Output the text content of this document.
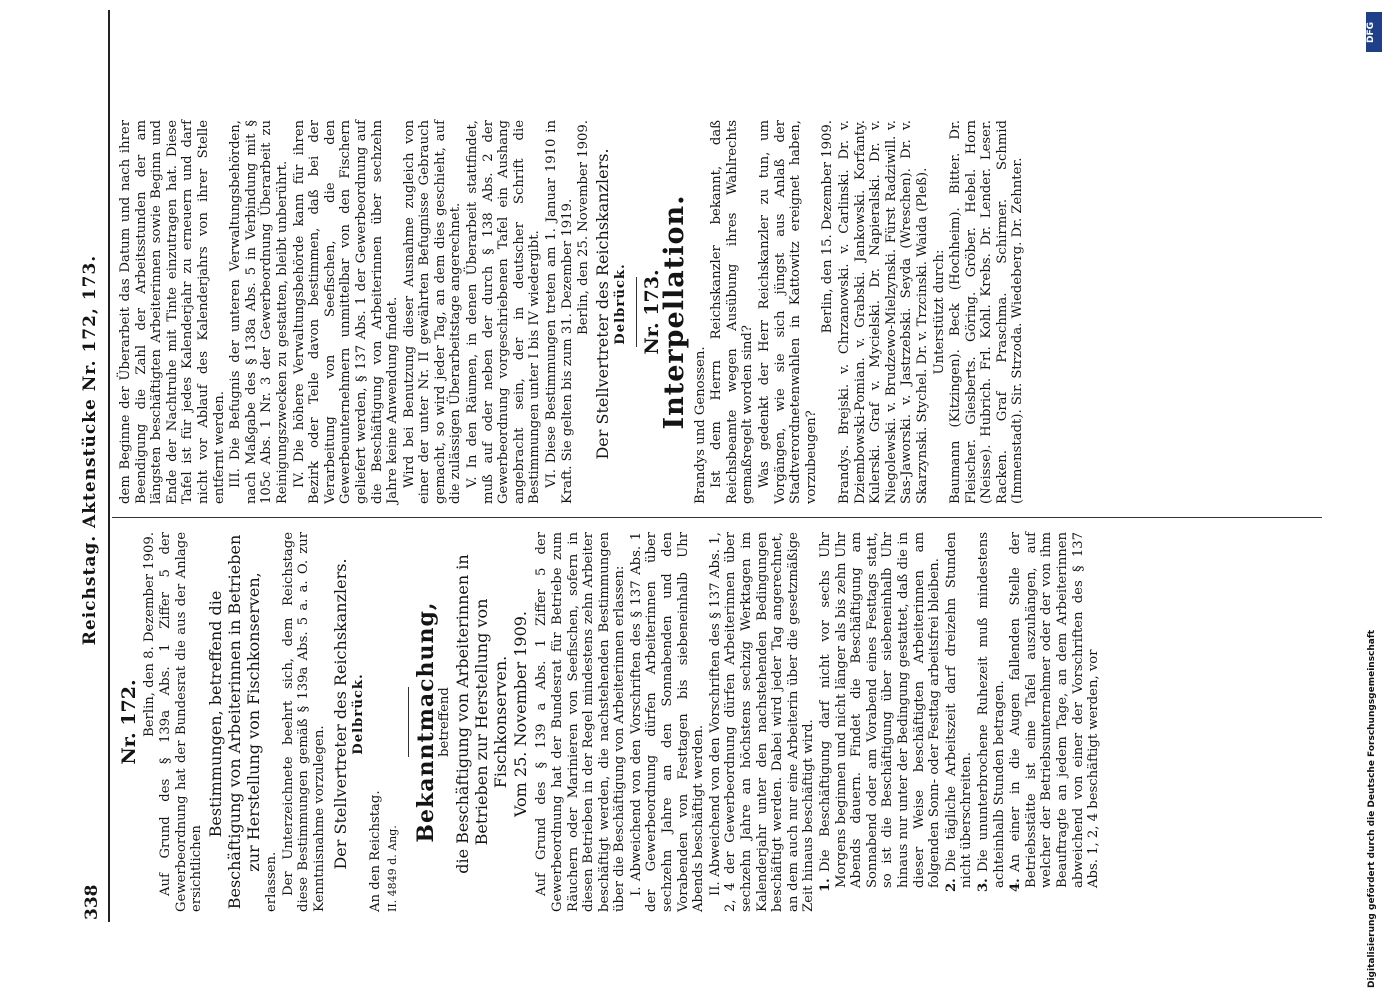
338
Reichstag. Aktenstücke Nr. 172, 173.
Nr. 172. Berlin, den 8. Dezember 1909. Auf Grund des § 139a Abs. 1 Ziffer 5 der Gewerbeordnung hat der Bundesrat die aus der Anlage ersichtlichen

Bestimmungen, betreffend die Beschäftigung von Arbeiterinnen in Betrieben zur Herstellung von Fischkonserven,

erlassen. Der Unterzeichnete beehrt sich, dem Reichstage diese Bestimmungen gemäß § 139a Abs. 5 a. a. O. zur Kenntnisnahme vorzulegen. Der Stellvertreter des Reichskanzlers. Delbrück.

An den Reichstag. II. 4849 d. Ang.

Bekanntmachung,

betreffend die Beschäftigung von Arbeiterinnen in Betrieben zur Herstellung von Fischkonserven. Vom 25. November 1909. Auf Grund des § 139 a Abs. 1 Ziffer 5 der Gewerbeordnung hat der Bundesrat für Betriebe zum Räuchern oder Marinieren von Seefischen, sofern in diesen Betrieben in der Regel mindestens zehn Arbeiter beschäftigt werden, die nachstehenden Bestimmungen über die Beschäftigung von Arbeiterinnen erlassen: I. Abweichend von den Vorschriften des § 137 Abs. 1 der Gewerbeordnung dürfen Arbeiterinnen über sechzehn Jahre an den Sonnabenden und den Vorabenden von Festtagen bis siebeneinhalb Uhr Abends beschäftigt werden. II. Abweichend von den Vorschriften des § 137 Abs. 1, 2, 4 der Gewerbeordnung dürfen Arbeiterinnen über sechzehn Jahre an höchstens sechzig Werktagen im Kalenderjahr unter den nachstehenden Bedingungen beschäftigt werden. Dabei wird jeder Tag angerechnet, an dem auch nur eine Arbeiterin über die gesetzmäßige Zeit hinaus beschäftigt wird. 1.
Die Beschäftigung darf nicht vor sechs Uhr Morgens beginnen und nicht länger als bis zehn Uhr Abends dauern. Findet die Beschäftigung am Sonnabend oder am Vorabend eines Festtags statt, so ist die Beschäftigung über siebeneinhalb Uhr hinaus nur unter der Bedingung gestattet, daß die in dieser Weise beschäftigten Arbeiterinnen am folgenden Sonn- oder Festtag arbeitsfrei bleiben. 2.
Die tägliche Arbeitszeit darf dreizehn Stunden nicht überschreiten. 3.
Die ununterbrochene Ruhezeit muß mindestens achteinhalb Stunden betragen. 4.
An einer in die Augen fallenden Stelle der Betriebsstätte ist eine Tafel auszuhängen, auf welcher der Betriebsunternehmer oder der von ihm Beauftragte an jedem Tage, an dem Arbeiterinnen abweichend von einer der Vorschriften des § 137 Abs. 1, 2, 4 beschäftigt werden, vor

dem Beginne der Überarbeit das Datum und nach ihrer Beendigung die Zahl der Arbeitsstunden der am längsten beschäftigten Arbeiterinnen sowie Beginn und Ende der Nachtruhe mit Tinte einzutragen hat. Diese Tafel ist für jedes Kalenderjahr zu erneuern und darf nicht vor Ablauf des Kalenderjahrs von ihrer Stelle entfernt werden. III. Die Befugnis der unteren Verwaltungsbehörden, nach Maßgabe des § 138a Abs. 5 in Verbindung mit § 105c Abs. 1 Nr. 3 der Gewerbeordnung Überarbeit zu Reinigungszwecken zu gestatten, bleibt unberührt. IV. Die höhere Verwaltungsbehörde kann für ihren Bezirk oder Teile davon bestimmen, daß bei der Verarbeitung von Seefischen, die den Gewerbeunternehmern unmittelbar von den Fischern geliefert werden, § 137 Abs. 1 der Gewerbeordnung auf die Beschäftigung von Arbeiterinnen über sechzehn Jahre keine Anwendung findet. Wird bei Benutzung dieser Ausnahme zugleich von einer der unter Nr. II gewährten Befugnisse Gebrauch gemacht, so wird jeder Tag, an dem dies geschieht, auf die zulässigen Überarbeitstage angerechnet. V. In den Räumen, in denen Überarbeit stattfindet, muß auf oder neben der durch § 138 Abs. 2 der Gewerbeordnung vorgeschriebenen Tafel ein Aushang angebracht sein, der in deutscher Schrift die Bestimmungen unter I bis IV wiedergibt. VI. Diese Bestimmungen treten am 1. Januar 1910 in Kraft. Sie gelten bis zum 31. Dezember 1919. Berlin, den 25. November 1909. Der Stellvertreter des Reichskanzlers. Delbrück. Nr. 173.
Interpellation. Brandys und Genossen. Ist dem Herrn Reichskanzler bekannt, daß Reichsbeamte wegen Ausübung ihres Wahlrechts gemaßregelt worden sind? Was gedenkt der Herr Reichskanzler zu tun, um Vorgängen, wie sie sich jüngst aus Anlaß der Stadtverordnetenwahlen in Kattowitz ereignet haben, vorzubeugen?

Berlin, den 15. Dezember 1909. Brandys. Brejski. v. Chrzanowski. v. Carlinski. Dr. v. Dziembowski-Pomian. v. Grabski. Jankowski. Korfanty. Kulerski. Graf v. Mycielski. Dr. Napieralski. Dr. v. Niegolewski. v. Brudzewo-Mielzynski. Fürst Radziwill. v. Sas-Jaworski. v. Jastrzebski. Seyda (Wreschen). Dr. v. Skarzynski. Stychel. Dr. v. Trzcinski. Waida (Pleß). Unterstützt durch: Baumann (Kitzingen). Beck (Hochheim). Bitter. Dr. Fleischer. Giesberts. Göring. Gröber. Hebel. Horn (Neisse). Hubrich. Frl. Kohl. Krebs. Dr. Lender. Leser. Racken. Graf Praschma. Schirmer. Schmid (Immenstadt). Sir. Strzoda. Wiedeberg. Dr. Zehnter.

DFG
Digitalisierung gefördert durch die Deutsche Forschungsgemeinschaft
